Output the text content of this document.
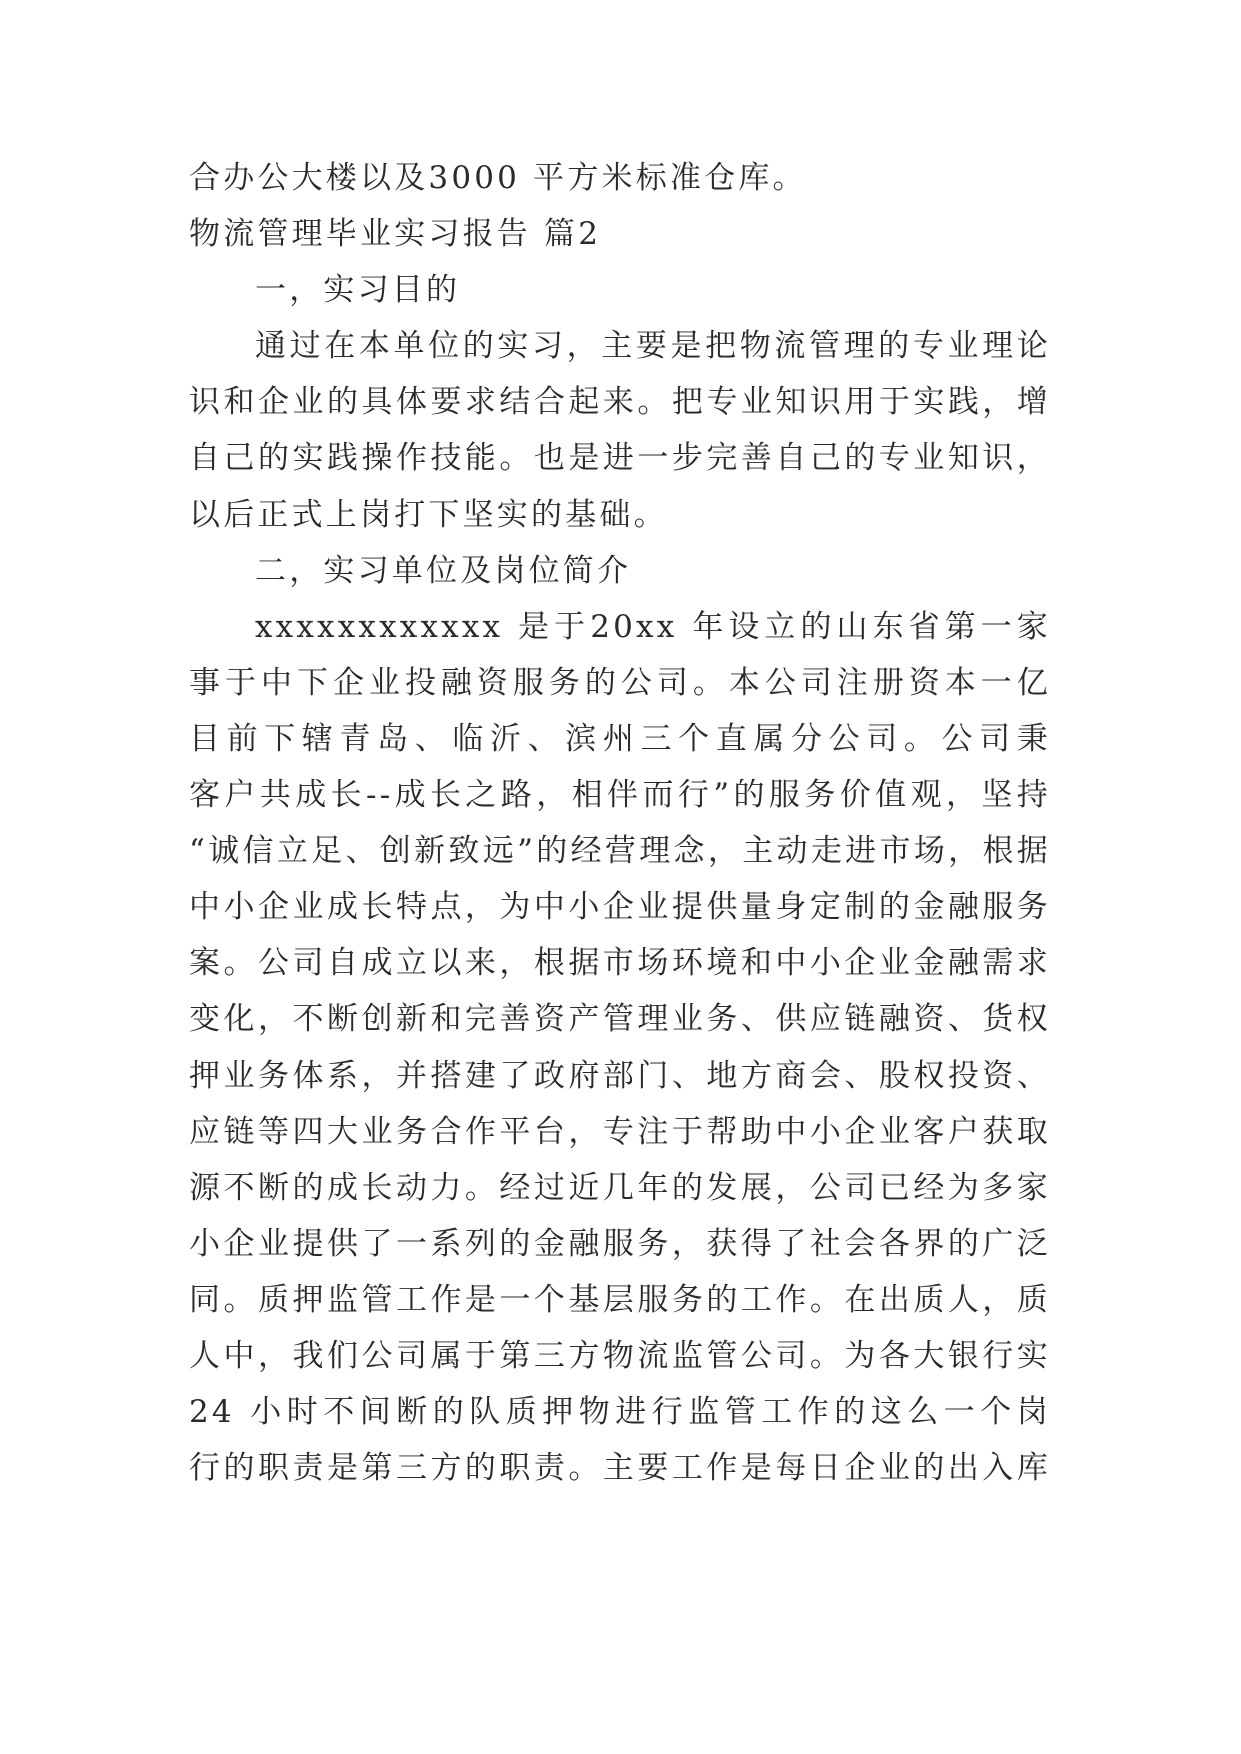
合办公大楼以及3000 平方米标准仓库。
物流管理毕业实习报告 篇2
一，实习目的
通过在本单位的实习，主要是把物流管理的专业理论
识和企业的具体要求结合起来。把专业知识用于实践，增
自己的实践操作技能。也是进一步完善自己的专业知识，
以后正式上岗打下坚实的基础。
二，实习单位及岗位简介
xxxxxxxxxxxx 是于20xx 年设立的山东省第一家
事于中下企业投融资服务的公司。本公司注册资本一亿
目前下辖青岛、临沂、滨州三个直属分公司。公司秉
客户共成长--成长之路，相伴而行”的服务价值观，坚持
“诚信立足、创新致远”的经营理念，主动走进市场，根据
中小企业成长特点，为中小企业提供量身定制的金融服务
案。公司自成立以来，根据市场环境和中小企业金融需求
变化，不断创新和完善资产管理业务、供应链融资、货权
押业务体系，并搭建了政府部门、地方商会、股权投资、
应链等四大业务合作平台，专注于帮助中小企业客户获取
源不断的成长动力。经过近几年的发展，公司已经为多家
小企业提供了一系列的金融服务，获得了社会各界的广泛
同。质押监管工作是一个基层服务的工作。在出质人，质
人中，我们公司属于第三方物流监管公司。为各大银行实
24 小时不间断的队质押物进行监管工作的这么一个岗
行的职责是第三方的职责。主要工作是每日企业的出入库
